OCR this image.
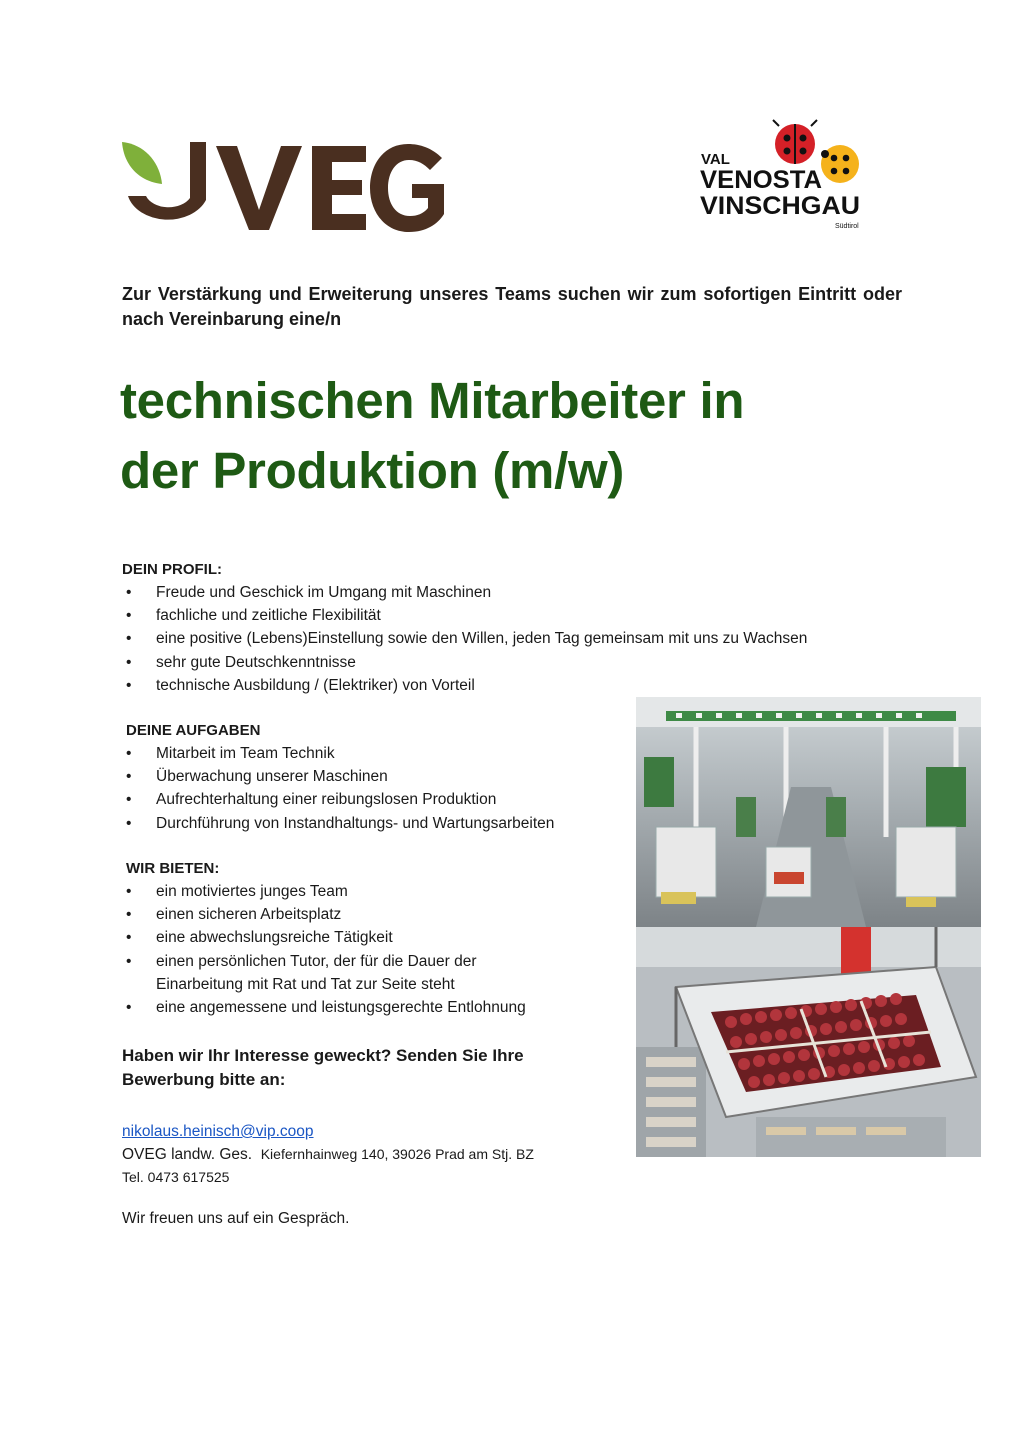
VAL
VENOSTA
VINSCHGAU
Südtirol
Zur Verstärkung und Erweiterung unseres Teams suchen wir zum sofortigen Eintritt oder nach Vereinbarung eine/n
technischen Mitarbeiter in
der Produktion (m/w)
DEIN PROFIL:
• Freude und Geschick im Umgang mit Maschinen
• fachliche und zeitliche Flexibilität
• eine positive (Lebens)Einstellung sowie den Willen, jeden Tag gemeinsam mit uns zu Wachsen
• sehr gute Deutschkenntnisse
• technische Ausbildung / (Elektriker) von Vorteil
DEINE AUFGABEN
• Mitarbeit im Team Technik
• Überwachung unserer Maschinen
• Aufrechterhaltung einer reibungslosen Produktion
• Durchführung von Instandhaltungs- und Wartungsarbeiten
WIR BIETEN:
• ein motiviertes junges Team
• einen sicheren Arbeitsplatz
• eine abwechslungsreiche Tätigkeit
• einen persönlichen Tutor, der für die Dauer der Einarbeitung mit Rat und Tat zur Seite steht
• eine angemessene und leistungsgerechte Entlohnung
Haben wir Ihr Interesse geweckt? Senden Sie Ihre Bewerbung bitte an:
nikolaus.heinisch@vip.coop
OVEG landw. Ges. Kiefernhainweg 140, 39026 Prad am Stj. BZ
Tel. 0473 617525
Wir freuen uns auf ein Gespräch.
